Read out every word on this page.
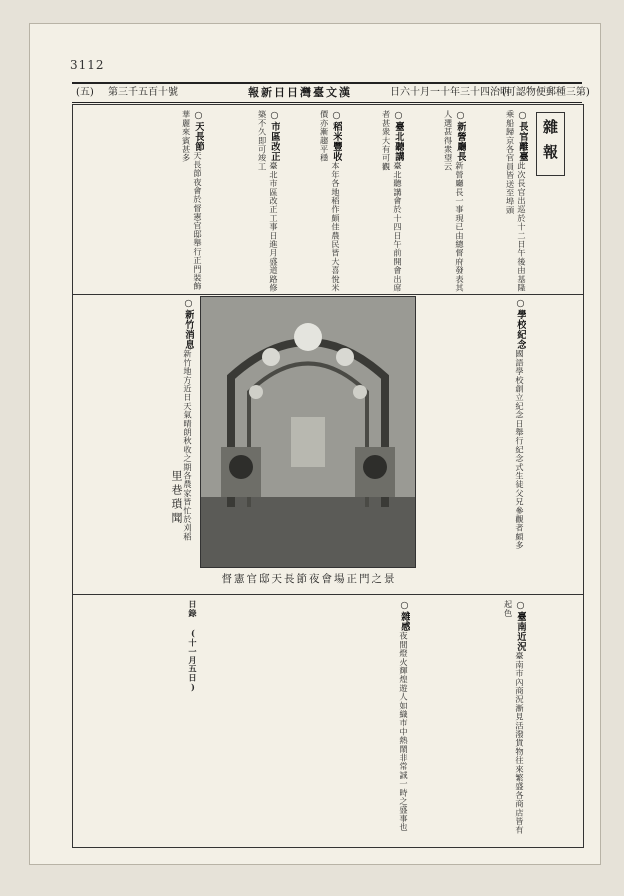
3112
(五) 第三千五百十號	報新日日灣臺文漢	日六十月一十年三十四治明
(可認物便郵種三第)
雜報
○長官離臺此次長官出巡於十二日午後由基隆乘船歸京各官員皆送至埠頭
○新營廳長新營廳長一事現已由總督府發表其人選甚得衆望云
○臺北聽講臺北聽講會於十四日午前開會出席者甚衆大有可觀
○稻米豐收本年各地稻作頗佳農民皆大喜悅米價亦漸趨平穩
○市區改正臺北市區改正工事日進月盛道路修築不久即可竣工
○天長節天長節夜會於督憲官邸舉行正門裝飾華麗來賓甚多
景之門正場會夜節長天邸官憲督
○學校紀念國語學校創立紀念日舉行紀念式生徒父兄參觀者頗多
○新竹消息新竹地方近日天氣晴朗秋收之期各農家皆忙於刈稻
里巷瑣聞
○臺南近況臺南市內商況漸見活潑貨物往來繁盛各商店皆有起色
○雜感夜間燈火輝煌遊人如織市中熱鬧非常誠一時之盛事也
日錄 (十一月五日)
